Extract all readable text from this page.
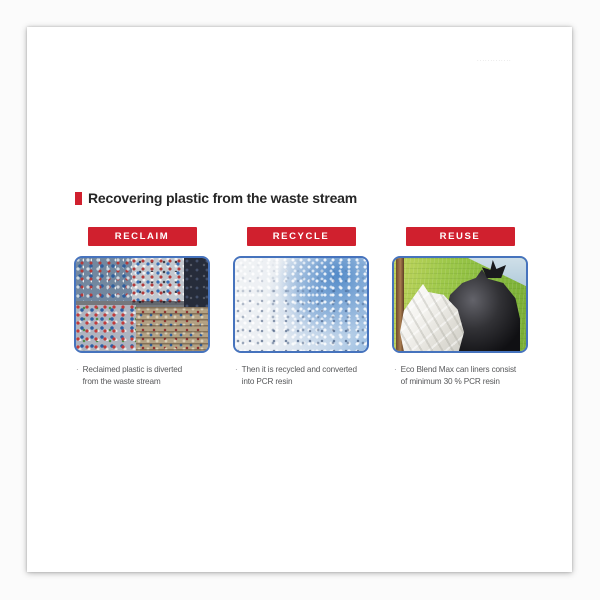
·············
Recovering plastic from the waste stream
RECLAIM
· Reclaimed plastic is diverted
from the waste stream
RECYCLE
· Then it is recycled and converted
into PCR resin
REUSE
· Eco Blend Max can liners consist
of minimum 30 % PCR resin
